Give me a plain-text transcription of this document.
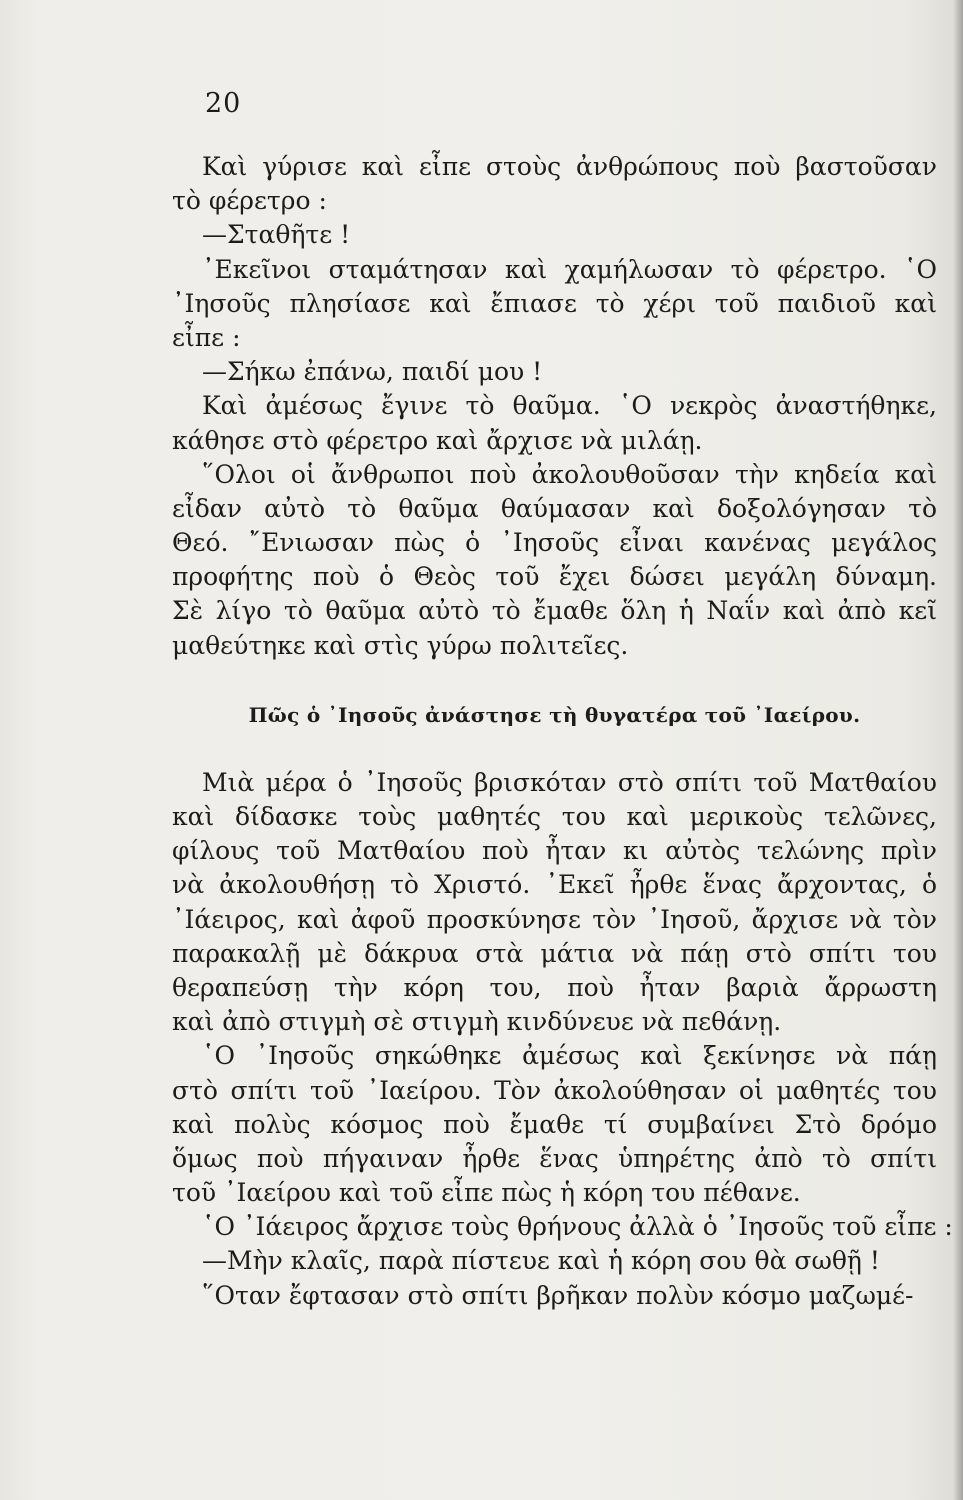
20
Καὶ γύρισε καὶ εἶπε στοὺς ἀνθρώπους ποὺ βαστοῦσαν
τὸ φέρετρο :
—Σταθῆτε !
᾿Εκεῖνοι σταμάτησαν καὶ χαμήλωσαν τὸ φέρετρο. ῾Ο
᾿Ιησοῦς πλησίασε καὶ ἔπιασε τὸ χέρι τοῦ παιδιοῦ καὶ
εἶπε :
—Σήκω ἐπάνω, παιδί μου !
Καὶ ἀμέσως ἔγινε τὸ θαῦμα. ῾Ο νεκρὸς ἀναστήθηκε,
κάθησε στὸ φέρετρο καὶ ἄρχισε νὰ μιλάῃ.
῞Ολοι οἱ ἄνθρωποι ποὺ ἀκολουθοῦσαν τὴν κηδεία καὶ
εἶδαν αὐτὸ τὸ θαῦμα θαύμασαν καὶ δοξολόγησαν τὸ
Θεό. ῎Ενιωσαν πὼς ὁ ᾿Ιησοῦς εἶναι κανένας μεγάλος
προφήτης ποὺ ὁ Θεὸς τοῦ ἔχει δώσει μεγάλη δύναμη.
Σὲ λίγο τὸ θαῦμα αὐτὸ τὸ ἔμαθε ὅλη ἡ Ναΐν καὶ ἀπὸ κεῖ
μαθεύτηκε καὶ στὶς γύρω πολιτεῖες.
Πῶς ὁ ᾿Ιησοῦς ἀνάστησε τὴ θυγατέρα τοῦ ᾿Ιαείρου.
Μιὰ μέρα ὁ ᾿Ιησοῦς βρισκόταν στὸ σπίτι τοῦ Ματθαίου
καὶ δίδασκε τοὺς μαθητές του καὶ μερικοὺς τελῶνες,
φίλους τοῦ Ματθαίου ποὺ ἦταν κι αὐτὸς τελώνης πρὶν
νὰ ἀκολουθήσῃ τὸ Χριστό. ᾿Εκεῖ ἦρθε ἕνας ἄρχοντας, ὁ
᾿Ιάειρος, καὶ ἀφοῦ προσκύνησε τὸν ᾿Ιησοῦ, ἄρχισε νὰ τὸν
παρακαλῇ μὲ δάκρυα στὰ μάτια νὰ πάῃ στὸ σπίτι του
θεραπεύσῃ τὴν κόρη του, ποὺ ἦταν βαριὰ ἄρρωστη
καὶ ἀπὸ στιγμὴ σὲ στιγμὴ κινδύνευε νὰ πεθάνῃ.
῾Ο ᾿Ιησοῦς σηκώθηκε ἀμέσως καὶ ξεκίνησε νὰ πάῃ
στὸ σπίτι τοῦ ᾿Ιαείρου. Τὸν ἀκολούθησαν οἱ μαθητές του
καὶ πολὺς κόσμος ποὺ ἔμαθε τί συμβαίνει Στὸ δρόμο
ὅμως ποὺ πήγαιναν ἦρθε ἕνας ὑπηρέτης ἀπὸ τὸ σπίτι
τοῦ ᾿Ιαείρου καὶ τοῦ εἶπε πὼς ἡ κόρη του πέθανε.
῾Ο ᾿Ιάειρος ἄρχισε τοὺς θρήνους ἀλλὰ ὁ ᾿Ιησοῦς τοῦ εἶπε :
—Μὴν κλαῖς, παρὰ πίστευε καὶ ἡ κόρη σου θὰ σωθῇ !
῞Οταν ἔφτασαν στὸ σπίτι βρῆκαν πολὺν κόσμο μαζωμέ-
